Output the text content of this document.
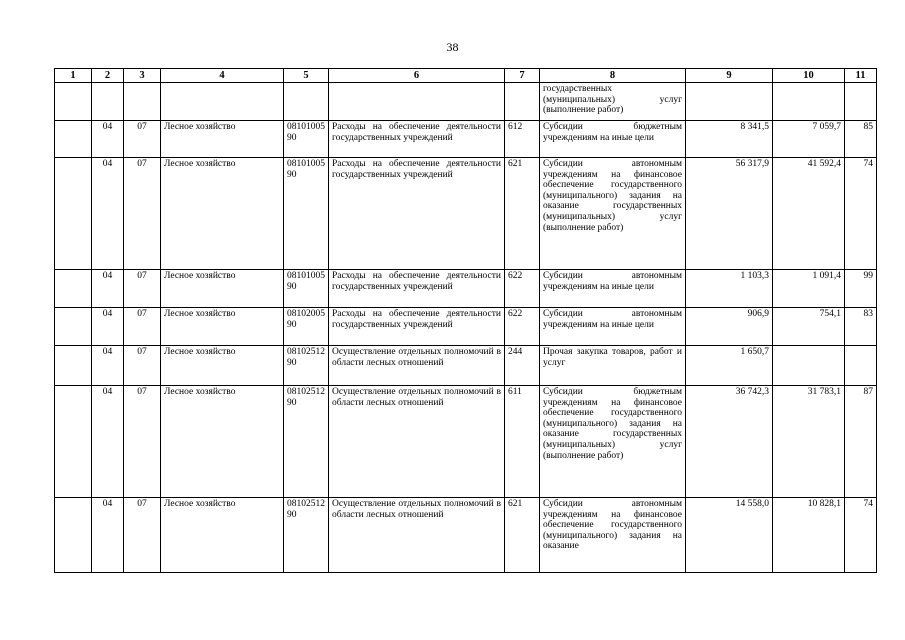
38
1	2	3	4	5	6	7	8	9	10	11
							государственных (муниципальных) услуг (выполнение работ)			
	04	07	Лесное хозяйство	0810100590	Расходы на обеспечение деятельности государственных учреждений	612	Субсидии бюджетным учреждениям на иные цели	8 341,5	7 059,7	85
	04	07	Лесное хозяйство	0810100590	Расходы на обеспечение деятельности государственных учреждений	621	Субсидии автономным учреждениям на финансовое обеспечение государственного (муниципального) задания на оказание государственных (муниципальных) услуг (выполнение работ)	56 317,9	41 592,4	74
	04	07	Лесное хозяйство	0810100590	Расходы на обеспечение деятельности государственных учреждений	622	Субсидии автономным учреждениям на иные цели	1 103,3	1 091,4	99
	04	07	Лесное хозяйство	0810200590	Расходы на обеспечение деятельности государственных учреждений	622	Субсидии автономным учреждениям на иные цели	906,9	754,1	83
	04	07	Лесное хозяйство	0810251290	Осуществление отдельных полномочий в области лесных отношений	244	Прочая закупка товаров, работ и услуг	1 650,7		
	04	07	Лесное хозяйство	0810251290	Осуществление отдельных полномочий в области лесных отношений	611	Субсидии бюджетным учреждениям на финансовое обеспечение государственного (муниципального) задания на оказание государственных (муниципальных) услуг (выполнение работ)	36 742,3	31 783,1	87
	04	07	Лесное хозяйство	0810251290	Осуществление отдельных полномочий в области лесных отношений	621	Субсидии автономным учреждениям на финансовое обеспечение государственного (муниципального) задания на оказание	14 558,0	10 828,1	74
